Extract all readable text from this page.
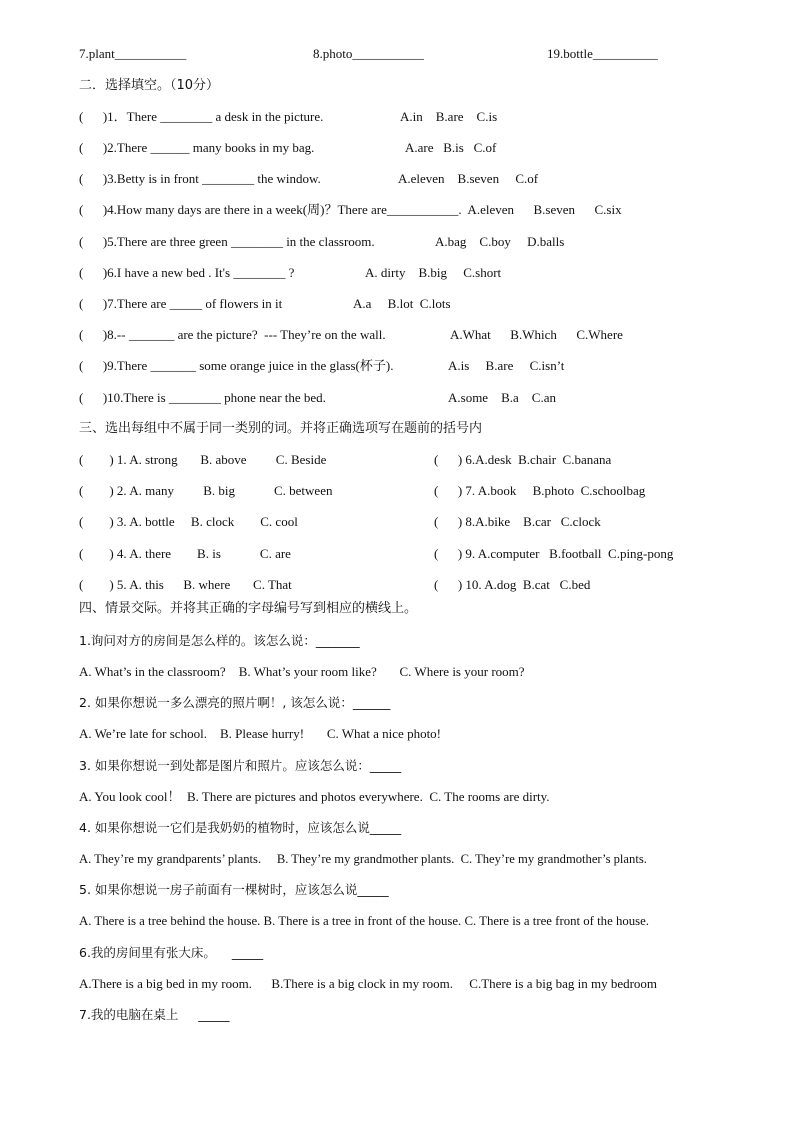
7.plant___________	8.photo___________	19.bottle__________
二．选择填空。（10分）
(      )1．There ________ a desk in the picture.	A.in    B.are    C.is
(      )2.There ______ many books in my bag.	A.are   B.is   C.of
(      )3.Betty is in front ________ the window.	A.eleven    B.seven     C.of
(      )4.How many days are there in a week(周)？There are___________.  A.eleven      B.seven      C.six
(      )5.There are three green ________ in the classroom.	A.bag    C.boy     D.balls
(      )6.I have a new bed . It's ________ ?	A. dirty    B.big     C.short
(      )7.There are _____ of flowers in it	A.a     B.lot  C.lots
(      )8.-- _______ are the picture?  --- They’re on the wall.	A.What      B.Which      C.Where
(      )9.There _______ some orange juice in the glass(杯子).	A.is     B.are     C.isn’t
(      )10.There is ________ phone near the bed.	A.some    B.a    C.an
三、选出每组中不属于同一类别的词。并将正确选项写在题前的括号内
(        ) 1. A. strong       B. above         C. Beside
(        ) 2. A. many         B. big            C. between
(        ) 3. A. bottle     B. clock        C. cool
(        ) 4. A. there        B. is            C. are
(        ) 5. A. this      B. where       C. That
(      ) 6.A.desk  B.chair  C.banana
(      ) 7. A.book     B.photo  C.schoolbag
(      ) 8.A.bike    B.car   C.clock
(      ) 9. A.computer   B.football  C.ping-pong
(      ) 10. A.dog  B.cat   C.bed
四、情景交际。并将其正确的字母编号写到相应的横线上。
1.询问对方的房间是怎么样的。该怎么说：_______
A. What’s in the classroom?    B. What’s your room like?       C. Where is your room?
2. 如果你想说一多么漂亮的照片啊！, 该怎么说：______
A. We’re late for school.    B. Please hurry!       C. What a nice photo!
3. 如果你想说一到处都是图片和照片。应该怎么说：_____
A. You look cool！  B. There are pictures and photos everywhere.  C. The rooms are dirty.
4. 如果你想说一它们是我奶奶的植物时，应该怎么说_____
A. They’re my grandparents’ plants.     B. They’re my grandmother plants.  C. They’re my grandmother’s plants.
5. 如果你想说一房子前面有一棵树时，应该怎么说_____
A. There is a tree behind the house. B. There is a tree in front of the house. C. There is a tree front of the house.
6.我的房间里有张大床。    _____
A.There is a big bed in my room.      B.There is a big clock in my room.     C.There is a big bag in my bedroom
7.我的电脑在桌上     _____
